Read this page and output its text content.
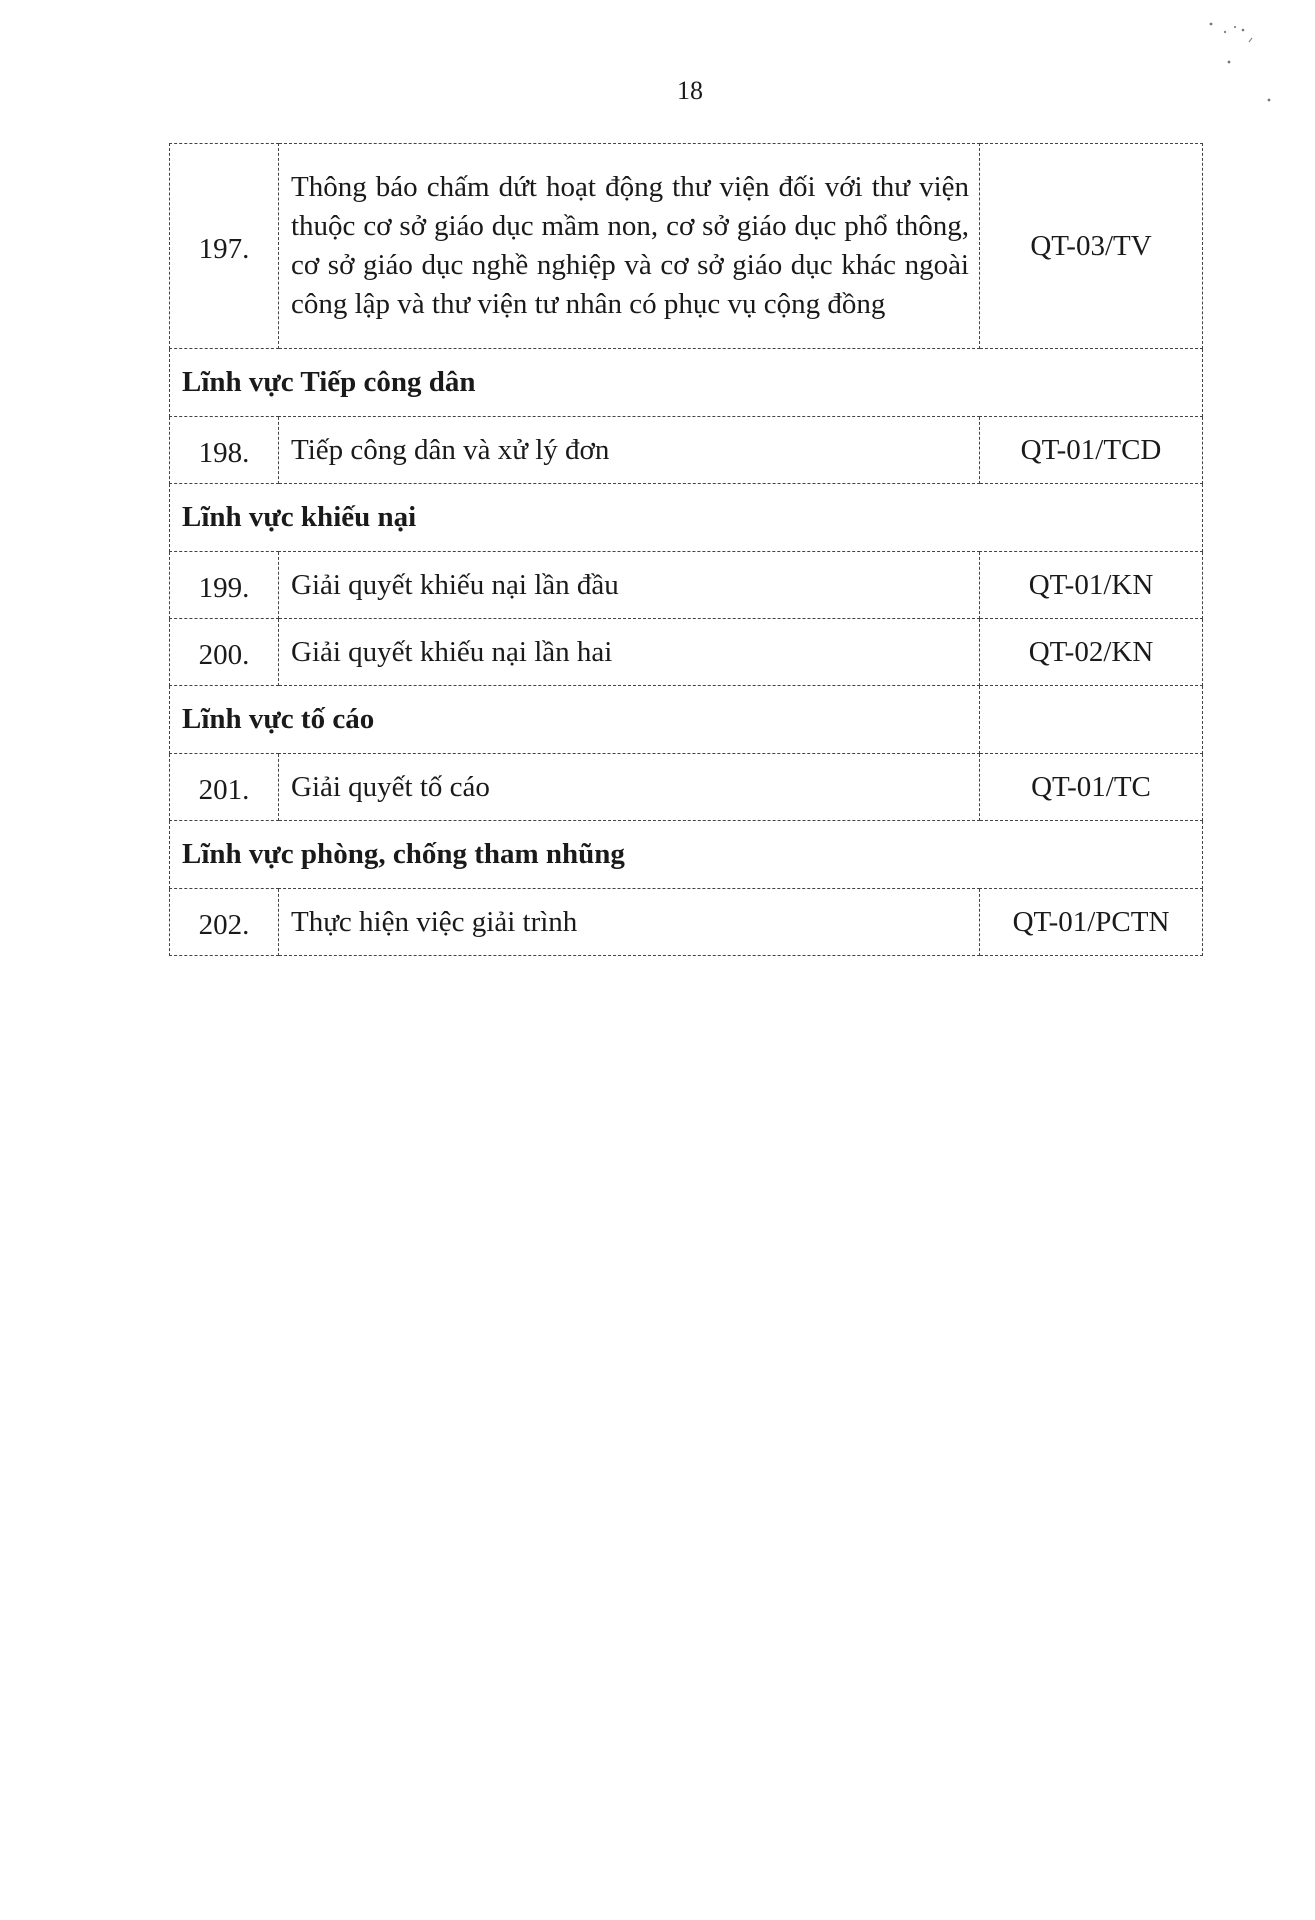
18
197.	Thông báo chấm dứt hoạt động thư viện đối với thư viện thuộc cơ sở giáo dục mầm non, cơ sở giáo dục phổ thông, cơ sở giáo dục nghề nghiệp và cơ sở giáo dục khác ngoài công lập và thư viện tư nhân có phục vụ cộng đồng	QT-03/TV
Lĩnh vực Tiếp công dân		
198.	Tiếp công dân và xử lý đơn	QT-01/TCD
Lĩnh vực khiếu nại		
199.	Giải quyết khiếu nại lần đầu	QT-01/KN
200.	Giải quyết khiếu nại lần hai	QT-02/KN
Lĩnh vực tố cáo		
201.	Giải quyết tố cáo	QT-01/TC
Lĩnh vực phòng, chống tham nhũng		
202.	Thực hiện việc giải trình	QT-01/PCTN
